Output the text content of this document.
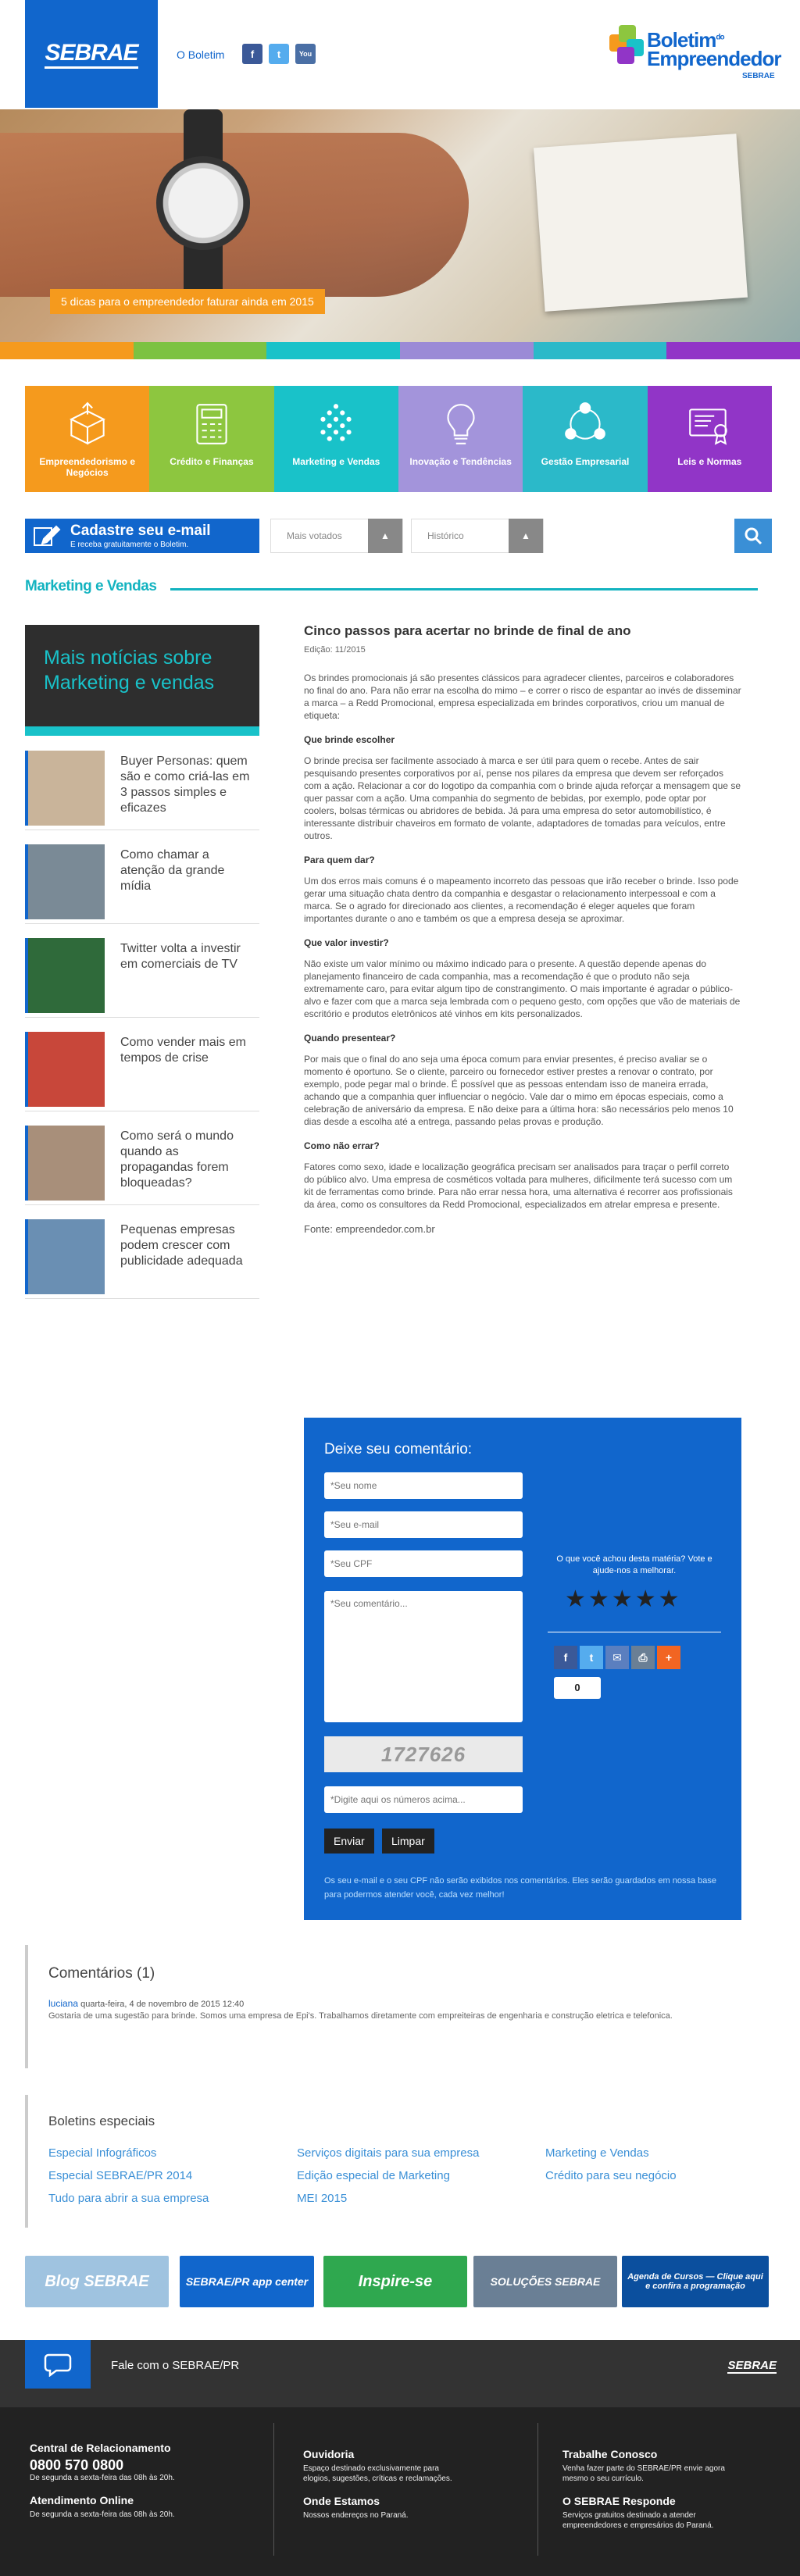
SEBRAE	O Boletim	f t	You
Boletim$^{do}$
Empreendedor
SEBRAE
5 dicas para o empreendedor faturar ainda em 2015
Empreendedorismo e Negócios
Crédito e Finanças	Marketing e Vendas	Inovação e Tendências	Gestão Empresarial	Leis e Normas
Cadastre seu e-mail
E receba gratuitamente o Boletim.
Mais votados	▲	Histórico	▲
Marketing e Vendas
Mais notícias sobre Marketing e vendas
Buyer Personas: quem são e como criá-las em 3 passos simples e eficazes
Como chamar a atenção da grande mídia
Twitter volta a investir em comerciais de TV
Como vender mais em tempos de crise
Como será o mundo quando as propagandas forem bloqueadas?
Pequenas empresas podem crescer com publicidade adequada
Cinco passos para acertar no brinde de final de ano
Edição: 11/2015

Os brindes promocionais já são presentes clássicos para agradecer clientes, parceiros e colaboradores no final do ano. Para não errar na escolha do mimo – e correr o risco de espantar ao invés de disseminar a marca – a Redd Promocional, empresa especializada em brindes corporativos, criou um manual de etiqueta:

Que brinde escolher

O brinde precisa ser facilmente associado à marca e ser útil para quem o recebe. Antes de sair pesquisando presentes corporativos por aí, pense nos pilares da empresa que devem ser reforçados com a ação. Relacionar a cor do logotipo da companhia com o brinde ajuda reforçar a mensagem que se quer passar com a ação. Uma companhia do segmento de bebidas, por exemplo, pode optar por coolers, bolsas térmicas ou abridores de bebida. Já para uma empresa do setor automobilístico, é interessante distribuir chaveiros em formato de volante, adaptadores de tomadas para veículos, entre outros.

Para quem dar?

Um dos erros mais comuns é o mapeamento incorreto das pessoas que irão receber o brinde. Isso pode gerar uma situação chata dentro da companhia e desgastar o relacionamento interpessoal e com a marca. Se o agrado for direcionado aos clientes, a recomendação é eleger aqueles que foram importantes durante o ano e também os que a empresa deseja se aproximar.

Que valor investir?

Não existe um valor mínimo ou máximo indicado para o presente. A questão depende apenas do planejamento financeiro de cada companhia, mas a recomendação é que o produto não seja extremamente caro, para evitar algum tipo de constrangimento. O mais importante é agradar o público-alvo e fazer com que a marca seja lembrada com o pequeno gesto, com opções que vão de materiais de escritório e produtos eletrônicos até vinhos em kits personalizados.

Quando presentear?

Por mais que o final do ano seja uma época comum para enviar presentes, é preciso avaliar se o momento é oportuno. Se o cliente, parceiro ou fornecedor estiver prestes a renovar o contrato, por exemplo, pode pegar mal o brinde. É possível que as pessoas entendam isso de maneira errada, achando que a companhia quer influenciar o negócio. Vale dar o mimo em épocas especiais, como a celebração de aniversário da empresa. E não deixe para a última hora: são necessários pelo menos 10 dias desde a escolha até a entrega, passando pelas provas e produção.

Como não errar?

Fatores como sexo, idade e localização geográfica precisam ser analisados para traçar o perfil correto do público alvo. Uma empresa de cosméticos voltada para mulheres, dificilmente terá sucesso com um kit de ferramentas como brinde. Para não errar nessa hora, uma alternativa é recorrer aos profissionais da área, como os consultores da Redd Promocional, especializados em atrelar empresa e presente.

Fonte: empreendedor.com.br
Deixe seu comentário:
*Seu nome
*Seu e-mail
*Seu CPF
*Seu comentário...
1727626
*Digite aqui os números acima...
Enviar	Limpar
Os seu e-mail e o seu CPF não serão exibidos nos comentários. Eles serão guardados em nossa base para podermos atender você, cada vez melhor!
O que você achou desta matéria? Vote e ajude-nos a melhorar.
★ ★ ★ ★ ★
f	t	✉	⎙	+
0
Comentários (1)
luciana quarta-feira, 4 de novembro de 2015 12:40
Gostaria de uma sugestão para brinde. Somos uma empresa de Epi's. Trabalhamos diretamente com empreiteiras de engenharia e construção eletrica e telefonica.
Boletins especiais
Especial Infográficos
Especial SEBRAE/PR 2014
Tudo para abrir a sua empresa
Serviços digitais para sua empresa
Edição especial de Marketing
MEI 2015
Marketing e Vendas
Crédito para seu negócio
Blog SEBRAE	SEBRAE/PR app center	Inspire-se	SOLUÇÕES SEBRAE	Agenda de Cursos — Clique aqui e confira a programação
Fale com o SEBRAE/PR	SEBRAE
Central de Relacionamento
0800 570 0800
De segunda a sexta-feira das 08h às 20h.
Atendimento Online
De segunda a sexta-feira das 08h às 20h.
Ouvidoria
Espaço destinado exclusivamente para elogios, sugestões, críticas e reclamações.
Onde Estamos
Nossos endereços no Paraná.
Trabalhe Conosco
Venha fazer parte do SEBRAE/PR envie agora mesmo o seu currículo.
O SEBRAE Responde
Serviços gratuitos destinado a atender empreendedores e empresários do Paraná.
